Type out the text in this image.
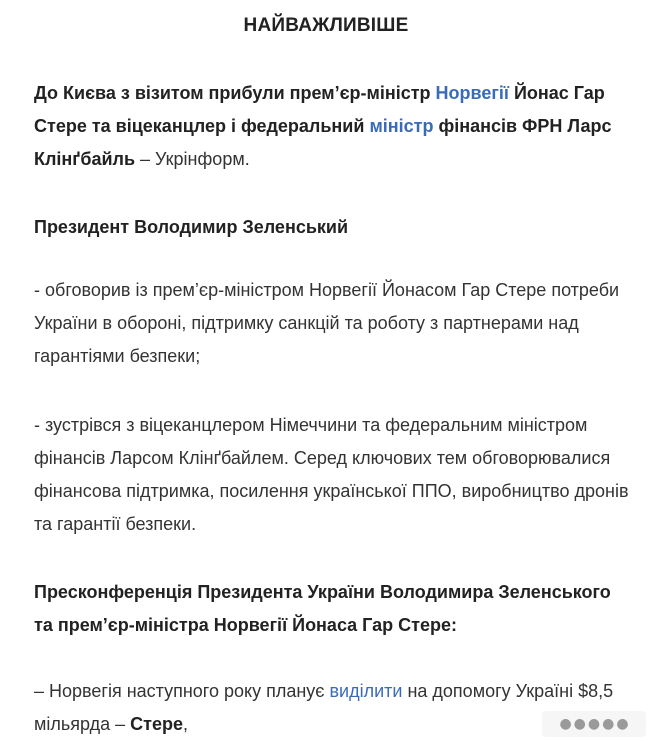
НАЙВАЖЛИВІШЕ
До Києва з візитом прибули прем’єр-міністр Норвегії Йонас Гар Стере та віцеканцлер і федеральний міністр фінансів ФРН Ларс Клінґбайль – Укрінформ.
Президент Володимир Зеленський
- обговорив із прем’єр-міністром Норвегії Йонасом Гар Стере потреби України в обороні, підтримку санкцій та роботу з партнерами над гарантіями безпеки;
- зустрівся з віцеканцлером Німеччини та федеральним міністром фінансів Ларсом Клінґбайлем. Серед ключових тем обговорювалися фінансова підтримка, посилення української ППО, виробництво дронів та гарантії безпеки.
Пресконференція Президента України Володимира Зеленського та прем’єр-міністра Норвегії Йонаса Гар Стере:
– Норвегія наступного року планує виділити на допомогу Україні $8,5 мільярда – Стере,	● ● ● ● ●
